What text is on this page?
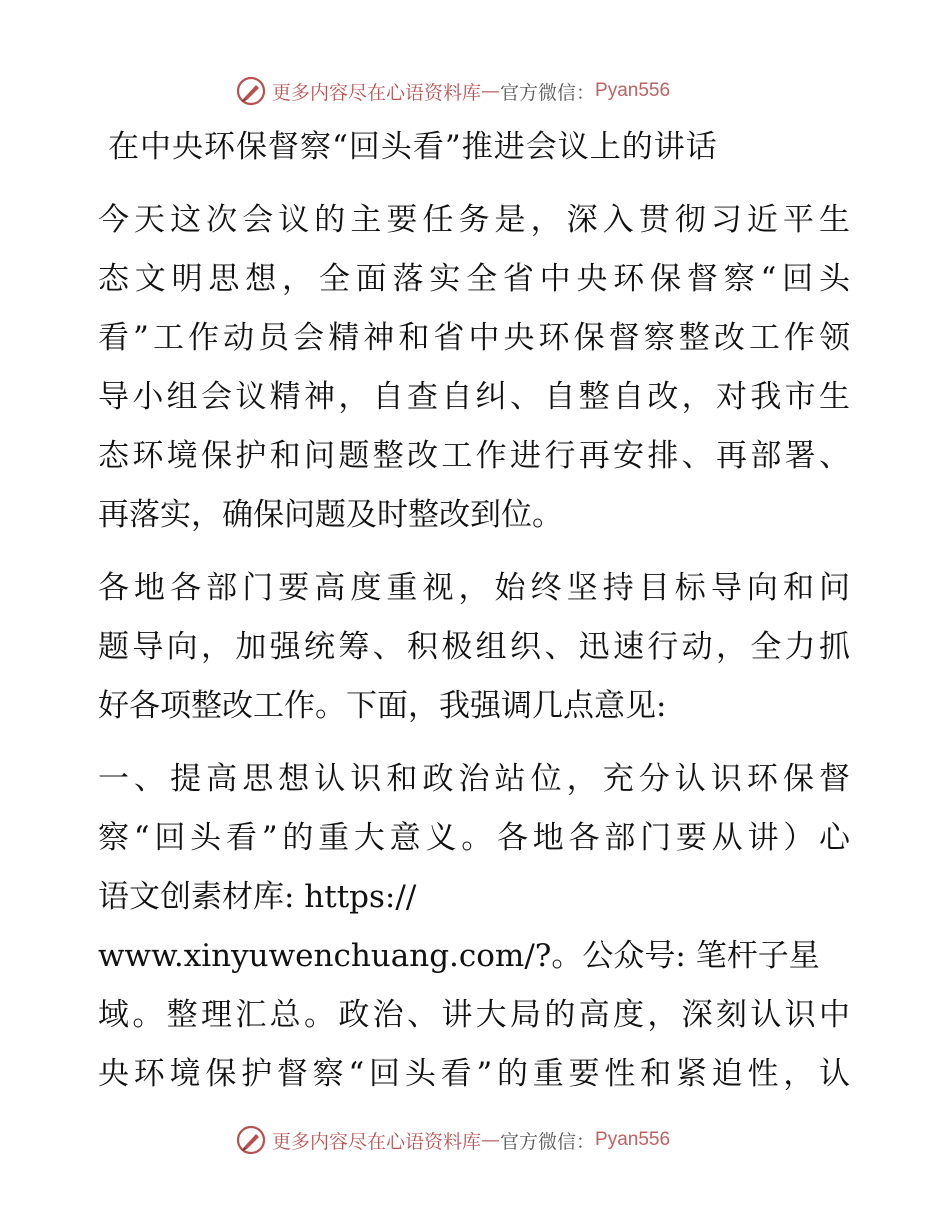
更多内容尽在心语资料库 — 官方微信： Pyan556
在中央环保督察“回头看”推进会议上的讲话
今天这次会议的主要任务是，深入贯彻习近平生
态文明思想，全面落实全省中央环保督察“回头
看”工作动员会精神和省中央环保督察整改工作领
导小组会议精神，自查自纠、自整自改，对我市生
态环境保护和问题整改工作进行再安排、再部署、
再落实，确保问题及时整改到位。
各地各部门要高度重视，始终坚持目标导向和问
题导向，加强统筹、积极组织、迅速行动，全力抓
好各项整改工作。下面，我强调几点意见:
一、提高思想认识和政治站位，充分认识环保督
察“回头看”的重大意义。各地各部门要从讲）心
语文创素材库: https://
www.xinyuwenchuang.com/?。公众号: 笔杆子星
域。整理汇总。政治、讲大局的高度，深刻认识中
央环境保护督察“回头看”的重要性和紧迫性，认
更多内容尽在心语资料库 — 官方微信： Pyan556
